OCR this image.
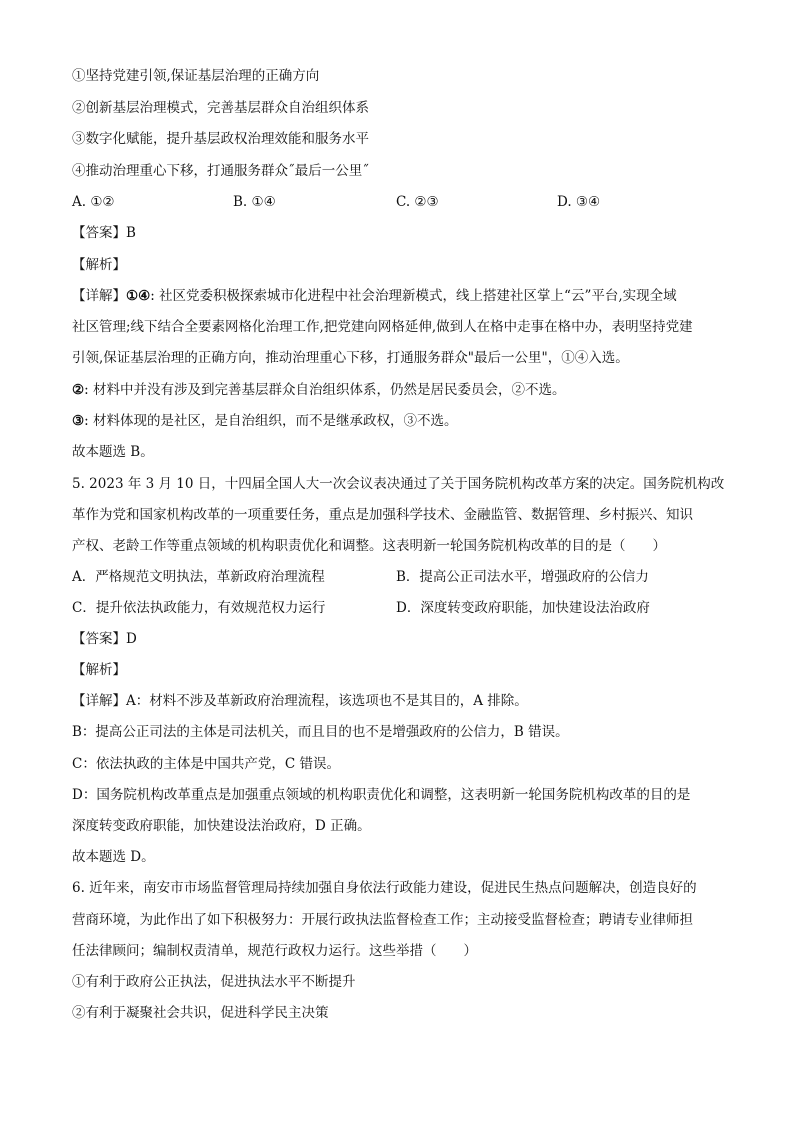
①坚持党建引领,保证基层治理的正确方向

②创新基层治理模式，完善基层群众自治组织体系

③数字化赋能，提升基层政权治理效能和服务水平

④推动治理重心下移，打通服务群众˝最后一公里˝

A. ①②	B. ①④	C. ②③	D. ③④

【答案】B

【解析】

【详解】①④: 社区党委积极探索城市化进程中社会治理新模式，线上搭建社区掌上“云”平台,实现全域

社区管理;线下结合全要素网格化治理工作,把党建向网格延伸,做到人在格中走事在格中办，表明坚持党建

引领,保证基层治理的正确方向，推动治理重心下移，打通服务群众"最后一公里"，①④入选。

②: 材料中并没有涉及到完善基层群众自治组织体系，仍然是居民委员会，②不选。

③: 材料体现的是社区，是自治组织，而不是继承政权，③不选。

故本题选 B。

5. 2023 年 3 月 10 日，十四届全国人大一次会议表决通过了关于国务院机构改革方案的决定。国务院机构改

革作为党和国家机构改革的一项重要任务，重点是加强科学技术、金融监管、数据管理、乡村振兴、知识

产权、老龄工作等重点领域的机构职责优化和调整。这表明新一轮国务院机构改革的目的是（　　）

A．严格规范文明执法，革新政府治理流程	B．提高公正司法水平，增强政府的公信力
C．提升依法执政能力，有效规范权力运行	D．深度转变政府职能，加快建设法治政府

【答案】D

【解析】

【详解】A：材料不涉及革新政府治理流程，该选项也不是其目的，A 排除。

B：提高公正司法的主体是司法机关，而且目的也不是增强政府的公信力，B 错误。

C：依法执政的主体是中国共产党，C 错误。

D：国务院机构改革重点是加强重点领域的机构职责优化和调整，这表明新一轮国务院机构改革的目的是

深度转变政府职能，加快建设法治政府，D 正确。

故本题选 D。

6. 近年来，南安市市场监督管理局持续加强自身依法行政能力建设，促进民生热点问题解决，创造良好的

营商环境，为此作出了如下积极努力：开展行政执法监督检查工作；主动接受监督检查；聘请专业律师担

任法律顾问；编制权责清单，规范行政权力运行。这些举措（　　）

①有利于政府公正执法，促进执法水平不断提升

②有利于凝聚社会共识，促进科学民主决策
